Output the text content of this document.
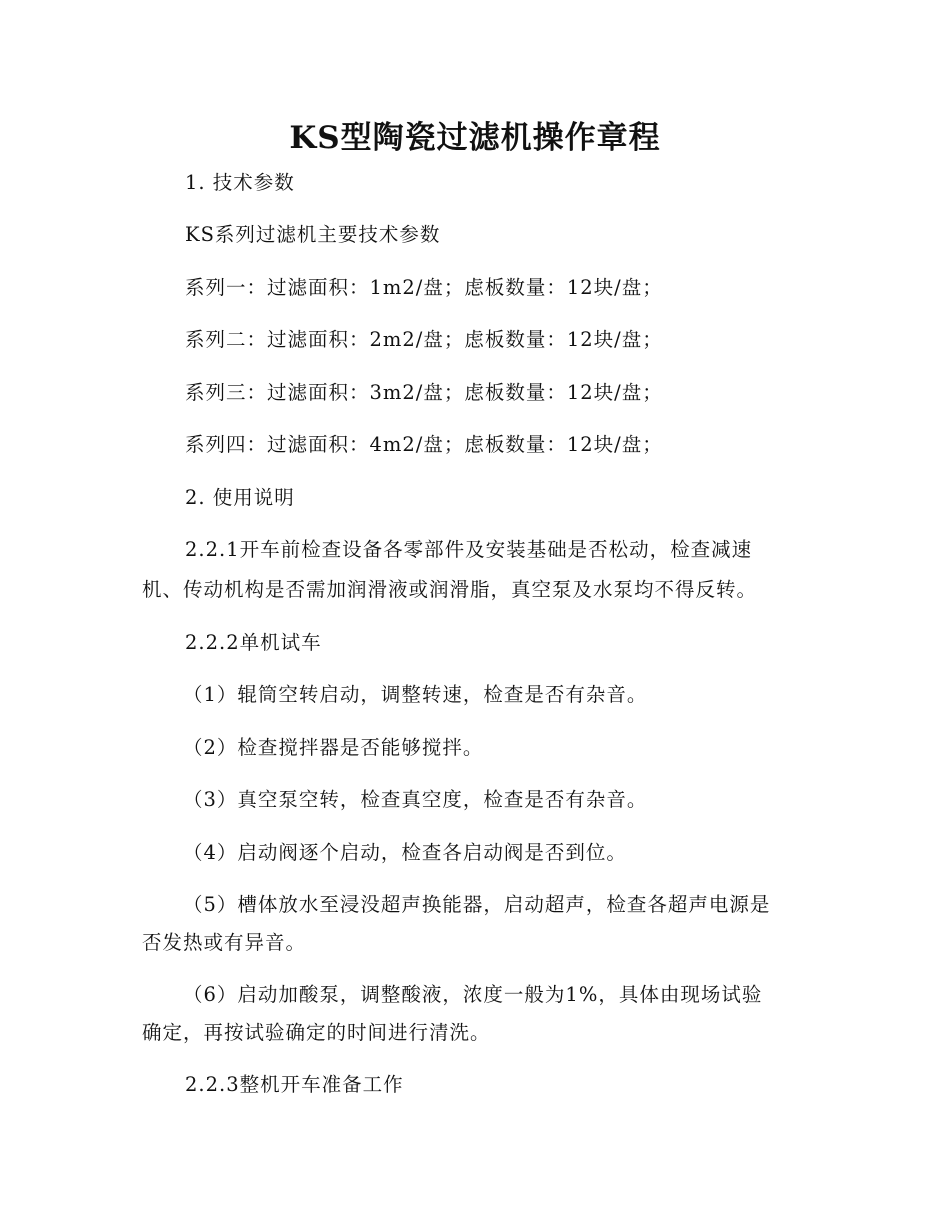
KS型陶瓷过滤机操作章程
1. 技术参数
KS系列过滤机主要技术参数
系列一：过滤面积：1m2/盘；虑板数量：12块/盘；
系列二：过滤面积：2m2/盘；虑板数量：12块/盘；
系列三：过滤面积：3m2/盘；虑板数量：12块/盘；
系列四：过滤面积：4m2/盘；虑板数量：12块/盘；
2. 使用说明
2.2.1开车前检查设备各零部件及安装基础是否松动，检查减速
机、传动机构是否需加润滑液或润滑脂，真空泵及水泵均不得反转。
2.2.2单机试车
（1）辊筒空转启动，调整转速，检查是否有杂音。
（2）检查搅拌器是否能够搅拌。
（3）真空泵空转，检查真空度，检查是否有杂音。
（4）启动阀逐个启动，检查各启动阀是否到位。
（5）槽体放水至浸没超声换能器，启动超声，检查各超声电源是
否发热或有异音。
（6）启动加酸泵，调整酸液，浓度一般为1%，具体由现场试验
确定，再按试验确定的时间进行清洗。
2.2.3整机开车准备工作
